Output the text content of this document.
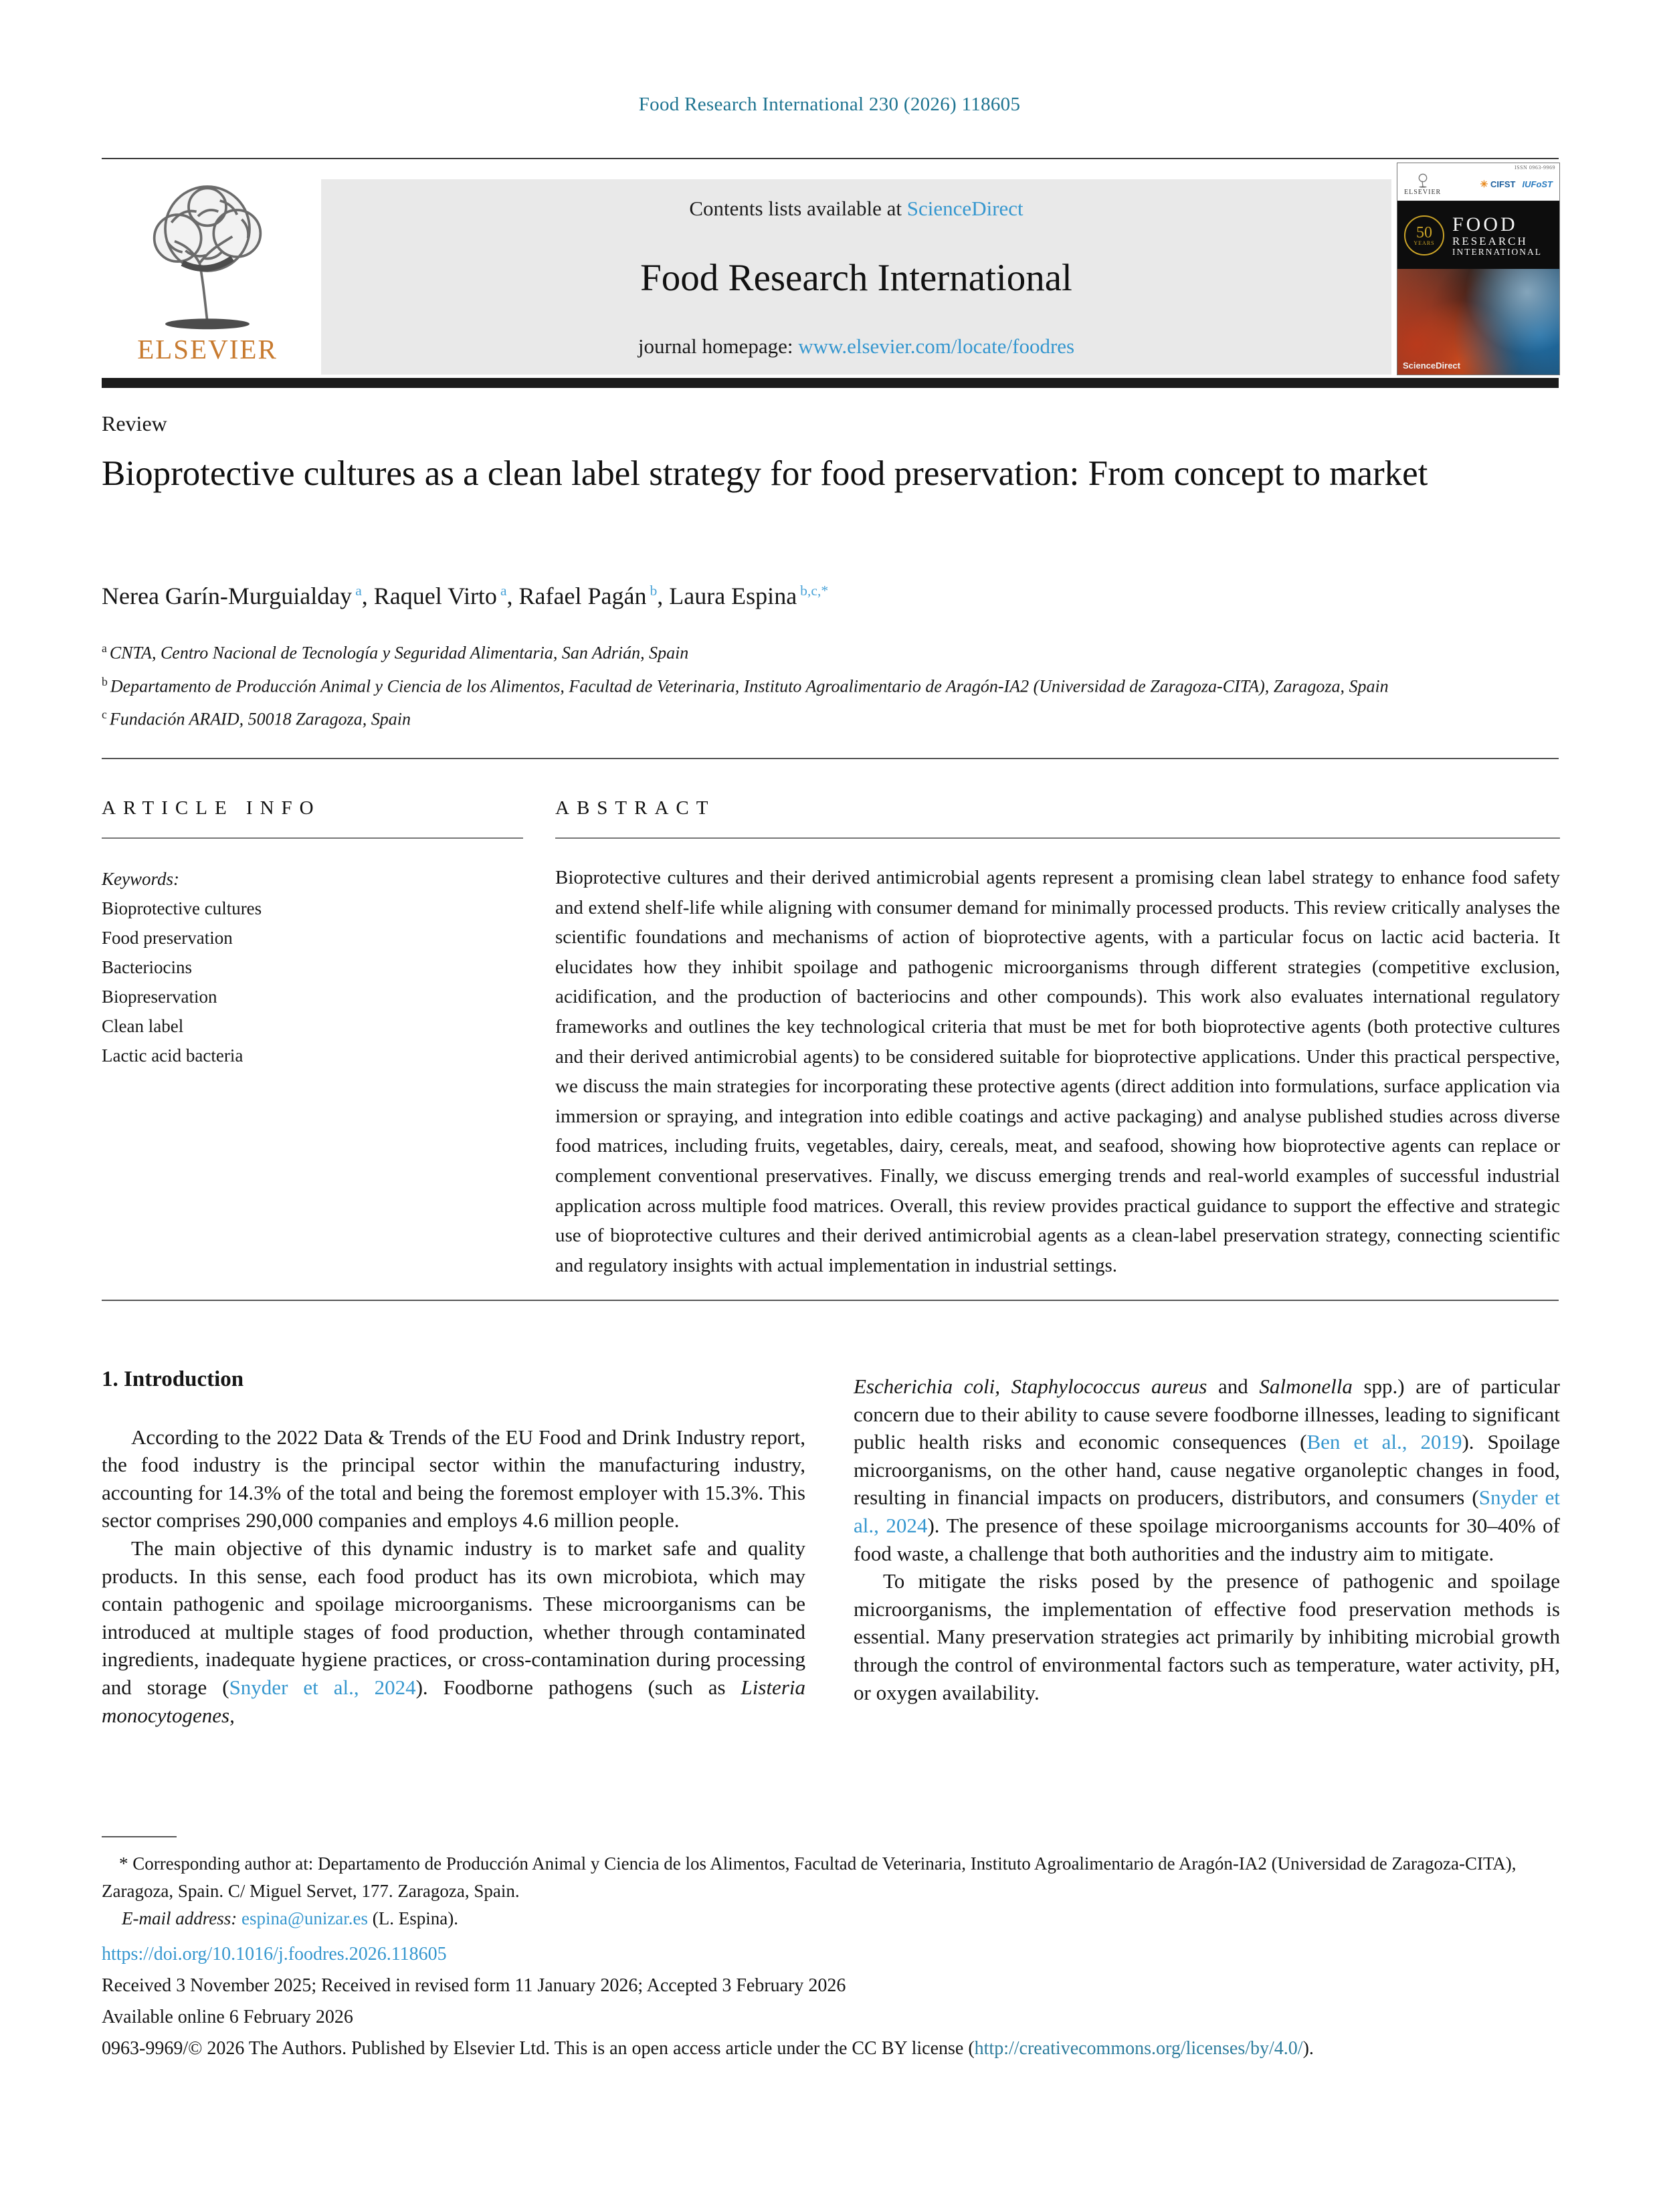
Food Research International 230 (2026) 118605
ELSEVIER
Contents lists available at ScienceDirect
Food Research International
journal homepage: www.elsevier.com/locate/foodres
ISSN 0963-9969
ELSEVIER
✳ CIFST IUFoST
50
YEARS
FOOD
RESEARCH
INTERNATIONAL
ScienceDirect
Review
Bioprotective cultures as a clean label strategy for food preservation: From concept to market
Nerea Garín-Murguialday $^a$, Raquel Virto $^a$, Rafael Pagán $^b$, Laura Espina $^{b,c,*}$
$^a$ CNTA, Centro Nacional de Tecnología y Seguridad Alimentaria, San Adrián, Spain
$^b$ Departamento de Producción Animal y Ciencia de los Alimentos, Facultad de Veterinaria, Instituto Agroalimentario de Aragón-IA2 (Universidad de Zaragoza-CITA), Zaragoza, Spain
$^c$ Fundación ARAID, 50018 Zaragoza, Spain
ARTICLE INFO
Keywords:
Bioprotective cultures
Food preservation
Bacteriocins
Biopreservation
Clean label
Lactic acid bacteria
ABSTRACT
Bioprotective cultures and their derived antimicrobial agents represent a promising clean label strategy to enhance food safety and extend shelf-life while aligning with consumer demand for minimally processed products. This review critically analyses the scientific foundations and mechanisms of action of bioprotective agents, with a particular focus on lactic acid bacteria. It elucidates how they inhibit spoilage and pathogenic microorganisms through different strategies (competitive exclusion, acidification, and the production of bacteriocins and other compounds). This work also evaluates international regulatory frameworks and outlines the key technological criteria that must be met for both bioprotective agents (both protective cultures and their derived antimicrobial agents) to be considered suitable for bioprotective applications. Under this practical perspective, we discuss the main strategies for incorporating these protective agents (direct addition into formulations, surface application via immersion or spraying, and integration into edible coatings and active packaging) and analyse published studies across diverse food matrices, including fruits, vegetables, dairy, cereals, meat, and seafood, showing how bioprotective agents can replace or complement conventional preservatives. Finally, we discuss emerging trends and real-world examples of successful industrial application across multiple food matrices. Overall, this review provides practical guidance to support the effective and strategic use of bioprotective cultures and their derived antimicrobial agents as a clean-label preservation strategy, connecting scientific and regulatory insights with actual implementation in industrial settings.
1. Introduction

According to the 2022 Data & Trends of the EU Food and Drink Industry report, the food industry is the principal sector within the manufacturing industry, accounting for 14.3% of the total and being the foremost employer with 15.3%. This sector comprises 290,000 companies and employs 4.6 million people.

The main objective of this dynamic industry is to market safe and quality products. In this sense, each food product has its own microbiota, which may contain pathogenic and spoilage microorganisms. These microorganisms can be introduced at multiple stages of food production, whether through contaminated ingredients, inadequate hygiene practices, or cross-contamination during processing and storage (Snyder et al., 2024). Foodborne pathogens (such as Listeria monocytogenes,

Escherichia coli, Staphylococcus aureus and Salmonella spp.) are of particular concern due to their ability to cause severe foodborne illnesses, leading to significant public health risks and economic consequences (Ben et al., 2019). Spoilage microorganisms, on the other hand, cause negative organoleptic changes in food, resulting in financial impacts on producers, distributors, and consumers (Snyder et al., 2024). The presence of these spoilage microorganisms accounts for 30–40% of food waste, a challenge that both authorities and the industry aim to mitigate.

To mitigate the risks posed by the presence of pathogenic and spoilage microorganisms, the implementation of effective food preservation methods is essential. Many preservation strategies act primarily by inhibiting microbial growth through the control of environmental factors such as temperature, water activity, pH, or oxygen availability.

* Corresponding author at: Departamento de Producción Animal y Ciencia de los Alimentos, Facultad de Veterinaria, Instituto Agroalimentario de Aragón-IA2 (Universidad de Zaragoza-CITA), Zaragoza, Spain. C/ Miguel Servet, 177. Zaragoza, Spain.

E-mail address: espina@unizar.es (L. Espina).

https://doi.org/10.1016/j.foodres.2026.118605
Received 3 November 2025; Received in revised form 11 January 2026; Accepted 3 February 2026
Available online 6 February 2026
0963-9969/© 2026 The Authors. Published by Elsevier Ltd. This is an open access article under the CC BY license (http://creativecommons.org/licenses/by/4.0/).
